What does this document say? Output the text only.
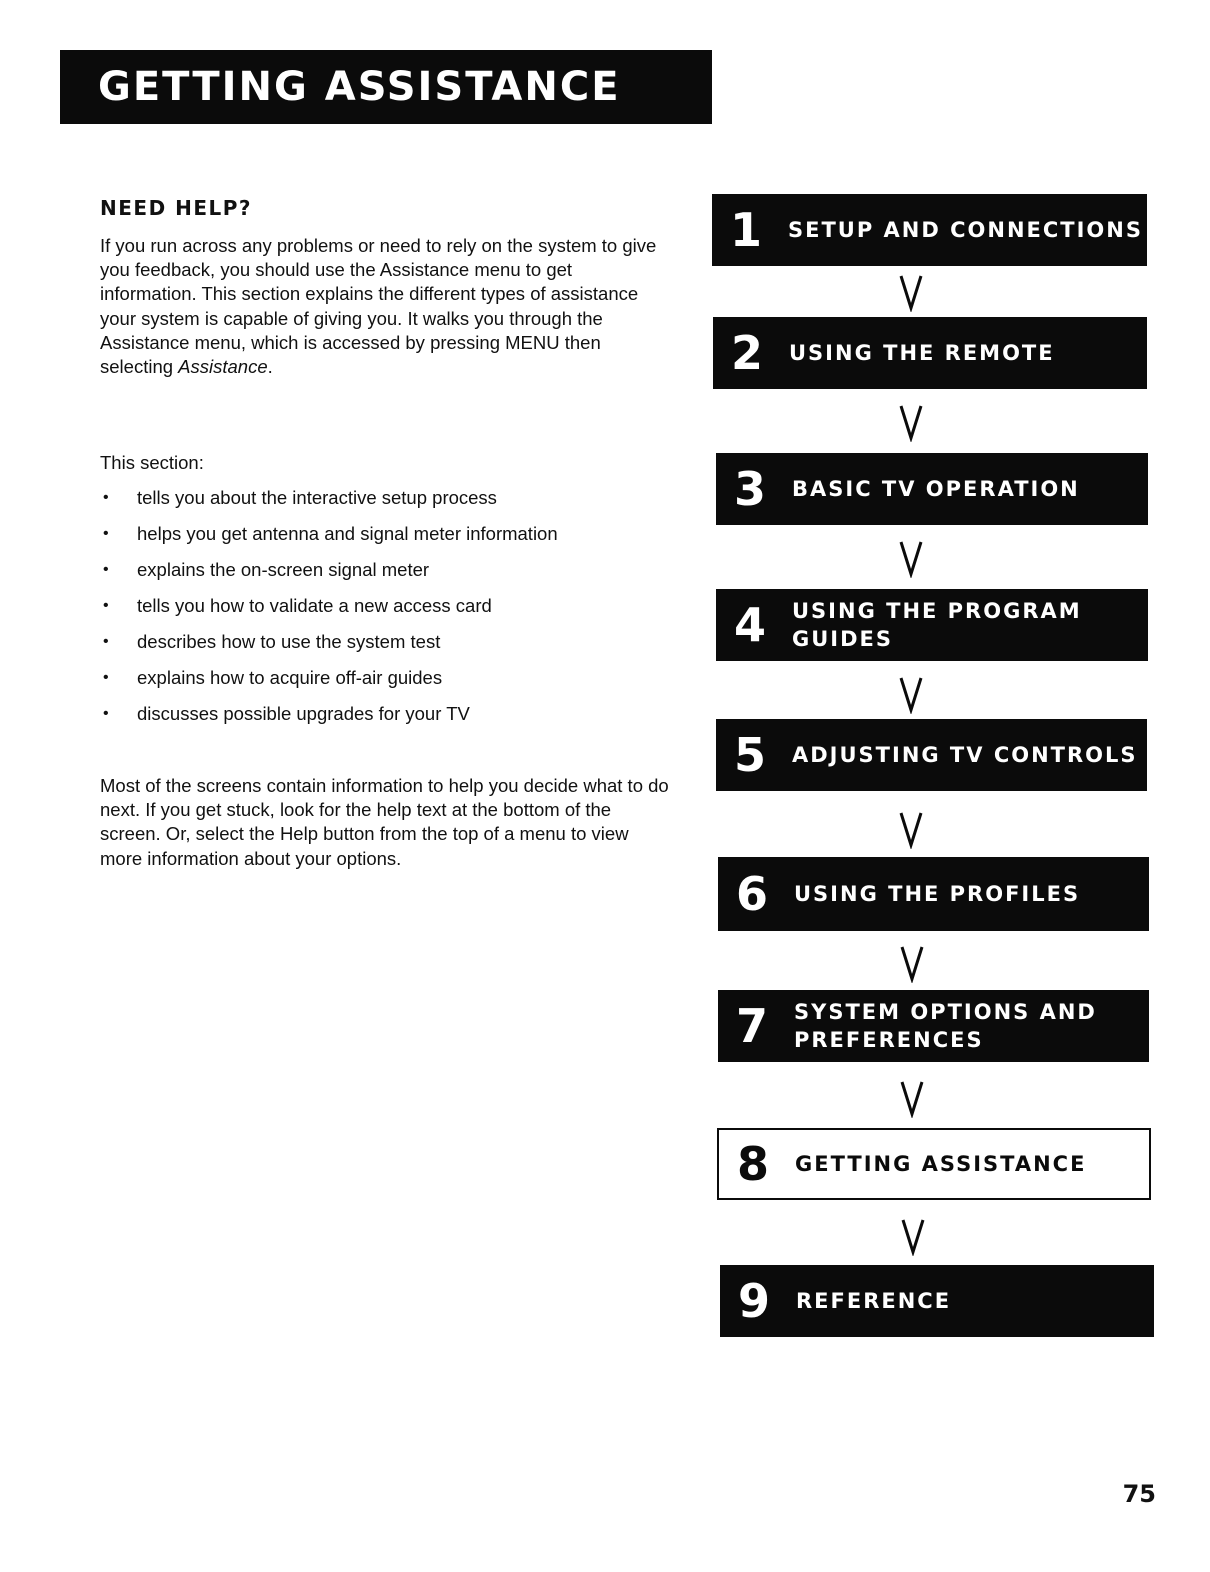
GETTING ASSISTANCE
NEED HELP?

If you run across any problems or need to rely on the system to give you feedback, you should use the Assistance menu to get information. This section explains the different types of assistance your system is capable of giving you. It walks you through the Assistance menu, which is accessed by pressing MENU then selecting Assistance.

This section:
• tells you about the interactive setup process
• helps you get antenna and signal meter information
• explains the on-screen signal meter
• tells you how to validate a new access card
• describes how to use the system test
• explains how to acquire off-air guides
• discusses possible upgrades for your TV

Most of the screens contain information to help you decide what to do next. If you get stuck, look for the help text at the bottom of the screen. Or, select the Help button from the top of a menu to view more information about your options.

1	SETUP AND CONNECTIONS
2	USING THE REMOTE
3	BASIC TV OPERATION
4	USING THE PROGRAM GUIDES
5	ADJUSTING TV CONTROLS
6	USING THE PROFILES
7	SYSTEM OPTIONS AND PREFERENCES
8	GETTING ASSISTANCE
9	REFERENCE
75
